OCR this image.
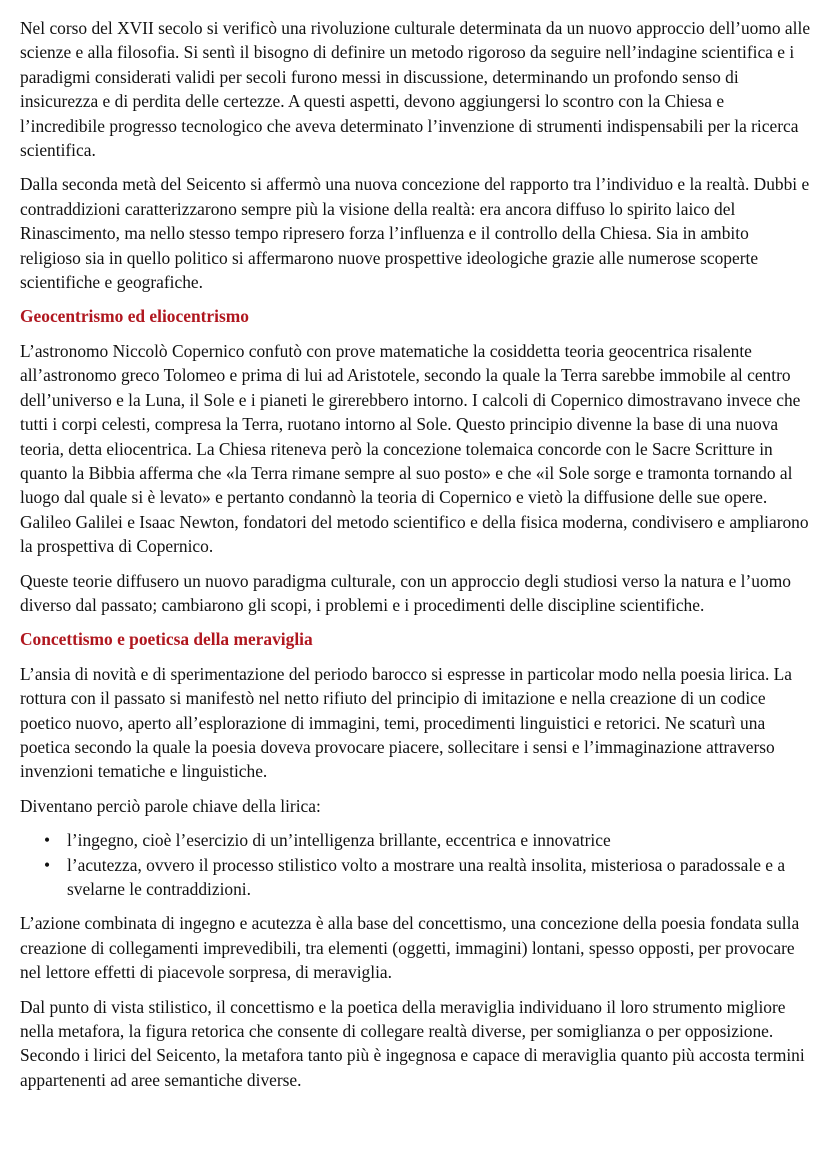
Nel corso del XVII secolo si verificò una rivoluzione culturale determinata da un nuovo approccio dell’uomo alle scienze e alla filosofia. Si sentì il bisogno di definire un metodo rigoroso da seguire nell’indagine scientifica e i paradigmi considerati validi per secoli furono messi in discussione, determinando un profondo senso di insicurezza e di perdita delle certezze. A questi aspetti, devono aggiungersi lo scontro con la Chiesa e l’incredibile progresso tecnologico che aveva determinato l’invenzione di strumenti indispensabili per la ricerca scientifica.

Dalla seconda metà del Seicento si affermò una nuova concezione del rapporto tra l’individuo e la realtà. Dubbi e contraddizioni caratterizzarono sempre più la visione della realtà: era ancora diffuso lo spirito laico del Rinascimento, ma nello stesso tempo ripresero forza l’influenza e il controllo della Chiesa. Sia in ambito religioso sia in quello politico si affermarono nuove prospettive ideologiche grazie alle numerose scoperte scientifiche e geografiche.

Geocentrismo ed eliocentrismo

L’astronomo Niccolò Copernico confutò con prove matematiche la cosiddetta teoria geocentrica risalente all’astronomo greco Tolomeo e prima di lui ad Aristotele, secondo la quale la Terra sarebbe immobile al centro dell’universo e la Luna, il Sole e i pianeti le girerebbero intorno. I calcoli di Copernico dimostravano invece che tutti i corpi celesti, compresa la Terra, ruotano intorno al Sole. Questo principio divenne la base di una nuova teoria, detta eliocentrica. La Chiesa riteneva però la concezione tolemaica concorde con le Sacre Scritture in quanto la Bibbia afferma che «la Terra rimane sempre al suo posto» e che «il Sole sorge e tramonta tornando al luogo dal quale si è levato» e pertanto condannò la teoria di Copernico e vietò la diffusione delle sue opere. Galileo Galilei e Isaac Newton, fondatori del metodo scientifico e della fisica moderna, condivisero e ampliarono la prospettiva di Copernico.

Queste teorie diffusero un nuovo paradigma culturale, con un approccio degli studiosi verso la natura e l’uomo diverso dal passato; cambiarono gli scopi, i problemi e i procedimenti delle discipline scientifiche.

Concettismo e poeticsa della meraviglia

L’ansia di novità e di sperimentazione del periodo barocco si espresse in particolar modo nella poesia lirica. La rottura con il passato si manifestò nel netto rifiuto del principio di imitazione e nella creazione di un codice poetico nuovo, aperto all’esplorazione di immagini, temi, procedimenti linguistici e retorici. Ne scaturì una poetica secondo la quale la poesia doveva provocare piacere, sollecitare i sensi e l’immaginazione attraverso invenzioni tematiche e linguistiche.

Diventano perciò parole chiave della lirica:

• l’ingegno, cioè l’esercizio di un’intelligenza brillante, eccentrica e innovatrice
• l’acutezza, ovvero il processo stilistico volto a mostrare una realtà insolita, misteriosa o paradossale e a svelarne le contraddizioni.

L’azione combinata di ingegno e acutezza è alla base del concettismo, una concezione della poesia fondata sulla creazione di collegamenti imprevedibili, tra elementi (oggetti, immagini) lontani, spesso opposti, per provocare nel lettore effetti di piacevole sorpresa, di meraviglia.

Dal punto di vista stilistico, il concettismo e la poetica della meraviglia individuano il loro strumento migliore nella metafora, la figura retorica che consente di collegare realtà diverse, per somiglianza o per opposizione. Secondo i lirici del Seicento, la metafora tanto più è ingegnosa e capace di meraviglia quanto più accosta termini appartenenti ad aree semantiche diverse.
